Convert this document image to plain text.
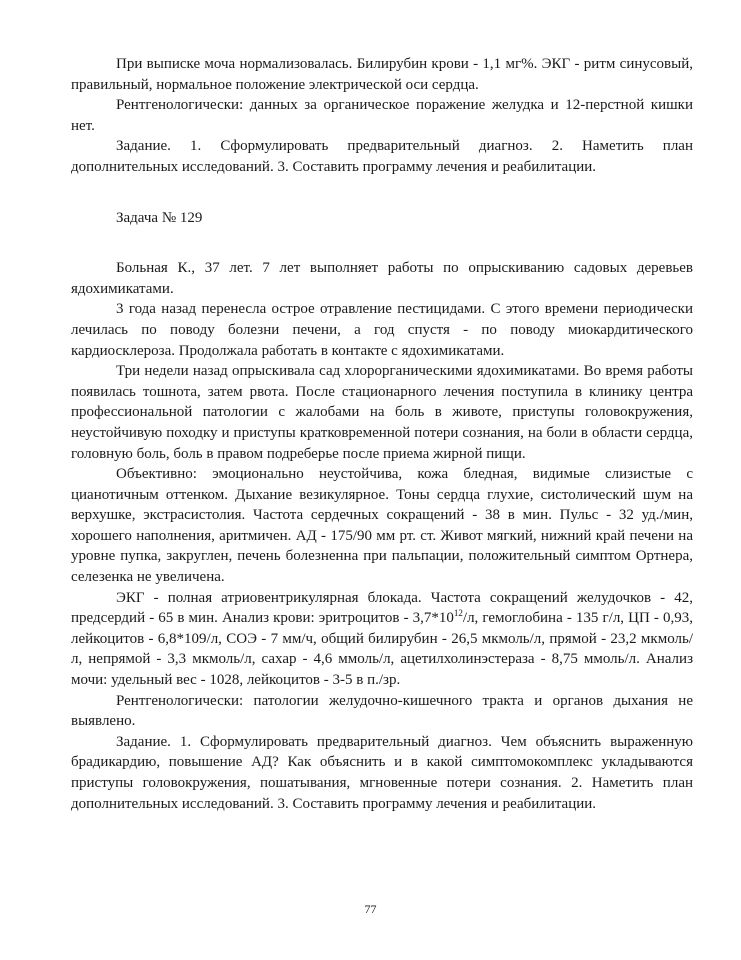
При выписке моча нормализовалась. Билирубин крови - 1,1 мг%. ЭКГ - ритм синусовый, правильный, нормальное положение электрической оси сердца.

Рентгенологически: данных за органическое поражение желудка и 12-перстной кишки нет.

Задание. 1. Сформулировать предварительный диагноз. 2. Наметить план дополнительных исследований. 3. Составить программу лечения и реабилитации.

Задача № 129

Больная К., 37 лет. 7 лет выполняет работы по опрыскиванию садовых деревьев ядохимикатами.

3 года назад перенесла острое отравление пестицидами. С этого времени периодически лечилась по поводу болезни печени, а год спустя - по поводу миокардитического кардиосклероза. Продолжала работать в контакте с ядохимикатами.

Три недели назад опрыскивала сад хлорорганическими ядохимикатами. Во время работы появилась тошнота, затем рвота. После стационарного лечения поступила в клинику центра профессиональной патологии с жалобами на боль в животе, приступы головокружения, неустойчивую походку и приступы кратковременной потери сознания, на боли в области сердца, головную боль, боль в правом подреберье после приема жирной пищи.

Объективно: эмоционально неустойчива, кожа бледная, видимые слизистые с цианотичным оттенком. Дыхание везикулярное. Тоны сердца глухие, систолический шум на верхушке, экстрасистолия. Частота сердечных сокращений - 38 в мин. Пульс - 32 уд./мин, хорошего наполнения, аритмичен. АД - 175/90 мм рт. ст. Живот мягкий, нижний край печени на уровне пупка, закруглен, печень болезненна при пальпации, положительный симптом Ортнера, селезенка не увеличена.

ЭКГ - полная атриовентрикулярная блокада. Частота сокращений желудочков - 42, предсердий - 65 в мин. Анализ крови: эритроцитов - $3,7*10^{12}/л$, гемоглобина - 135 г/л, ЦП - 0,93, лейкоцитов - 6,8*109/л, СОЭ - 7 мм/ч, общий билирубин - 26,5 мкмоль/л, прямой - 23,2 мкмоль/л, непрямой - 3,3 мкмоль/л, сахар - 4,6 ммоль/л, ацетилхолинэстераза - 8,75 ммоль/л. Анализ мочи: удельный вес - 1028, лейкоцитов - 3-5 в п./зр.

Рентгенологически: патологии желудочно-кишечного тракта и органов дыхания не выявлено.

Задание. 1. Сформулировать предварительный диагноз. Чем объяснить выраженную брадикардию, повышение АД? Как объяснить и в какой симптомокомплекс укладываются приступы головокружения, пошатывания, мгновенные потери сознания. 2. Наметить план дополнительных исследований. 3. Составить программу лечения и реабилитации.

77
